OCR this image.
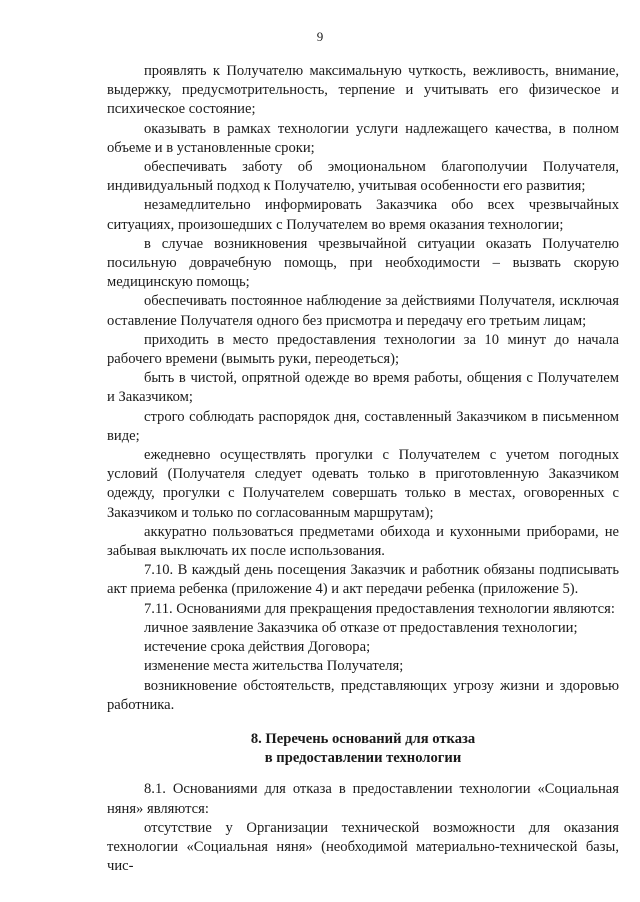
9

проявлять к Получателю максимальную чуткость, вежливость, внимание, выдержку, предусмотрительность, терпение и учитывать его физическое и психическое состояние;

оказывать в рамках технологии услуги надлежащего качества, в полном объеме и в установленные сроки;

обеспечивать заботу об эмоциональном благополучии Получателя, индивидуальный подход к Получателю, учитывая особенности его развития;

незамедлительно информировать Заказчика обо всех чрезвычайных ситуациях, произошедших с Получателем во время оказания технологии;

в случае возникновения чрезвычайной ситуации оказать Получателю посильную доврачебную помощь, при необходимости – вызвать скорую медицинскую помощь;

обеспечивать постоянное наблюдение за действиями Получателя, исключая оставление Получателя одного без присмотра и передачу его третьим лицам;

приходить в место предоставления технологии за 10 минут до начала рабочего времени (вымыть руки, переодеться);

быть в чистой, опрятной одежде во время работы, общения с Получателем и Заказчиком;

строго соблюдать распорядок дня, составленный Заказчиком в письменном виде;

ежедневно осуществлять прогулки с Получателем с учетом погодных условий (Получателя следует одевать только в приготовленную Заказчиком одежду, прогулки с Получателем совершать только в местах, оговоренных с Заказчиком и только по согласованным маршрутам);

аккуратно пользоваться предметами обихода и кухонными приборами, не забывая выключать их после использования.

7.10. В каждый день посещения Заказчик и работник обязаны подписывать акт приема ребенка (приложение 4) и акт передачи ребенка (приложение 5).

7.11. Основаниями для прекращения предоставления технологии являются:

личное заявление Заказчика об отказе от предоставления технологии;

истечение срока действия Договора;

изменение места жительства Получателя;

возникновение обстоятельств, представляющих угрозу жизни и здоровью работника.

8. Перечень оснований для отказа
в предоставлении технологии

8.1. Основаниями для отказа в предоставлении технологии «Социальная няня» являются:

отсутствие у Организации технической возможности для оказания технологии «Социальная няня» (необходимой материально-технической базы, чис-
